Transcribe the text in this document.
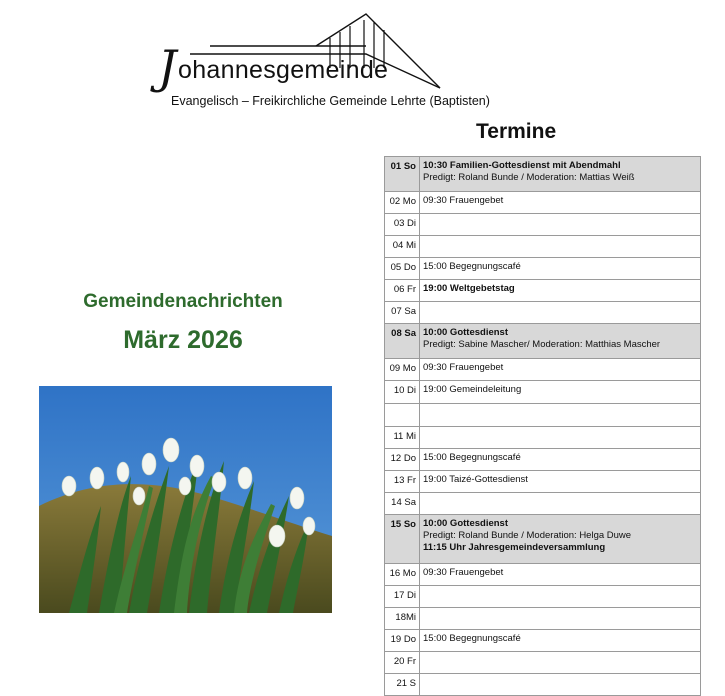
J ohannesgemeinde
Evangelisch – Freikirchliche Gemeinde Lehrte (Baptisten)
Termine
Gemeindenachrichten
März 2026
01 So 10:30 Familien-Gottesdienst mit Abendmahl
Predigt: Roland Bunde / Moderation: Mattias Weiß
02 Mo 09:30 Frauengebet
03 Di
04 Mi
05 Do 15:00 Begegnungscafé
06 Fr 19:00 Weltgebetstag
07 Sa
08 Sa 10:00 Gottesdienst
Predigt: Sabine Mascher/ Moderation: Matthias Mascher
09 Mo 09:30 Frauengebet
10 Di 19:00 Gemeindeleitung
11 Mi
12 Do 15:00 Begegnungscafé
13 Fr 19:00 Taizé-Gottesdienst
14 Sa
15 So 10:00 Gottesdienst
Predigt: Roland Bunde / Moderation: Helga Duwe
11:15 Uhr Jahresgemeindeversammlung
16 Mo 09:30 Frauengebet
17 Di
18Mi
19 Do 15:00 Begegnungscafé
20 Fr
21 S
